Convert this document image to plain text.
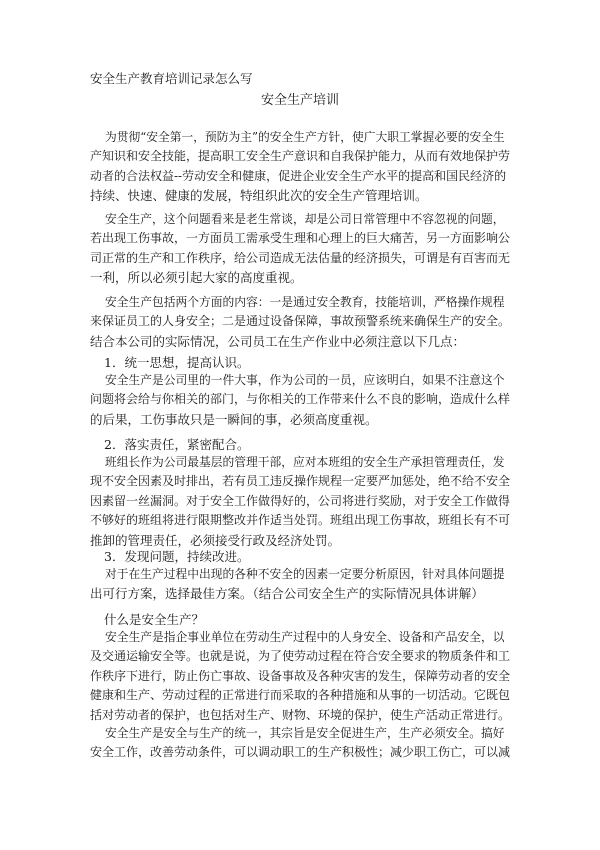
安全生产教育培训记录怎么写
安全生产培训

为贯彻“安全第一，预防为主”的安全生产方针，使广大职工掌握必要的安全生
产知识和安全技能，提高职工安全生产意识和自我保护能力，从而有效地保护劳
动者的合法权益--劳动安全和健康，促进企业安全生产水平的提高和国民经济的
持续、快速、健康的发展，特组织此次的安全生产管理培训。

安全生产，这个问题看来是老生常谈，却是公司日常管理中不容忽视的问题，
若出现工伤事故，一方面员工需承受生理和心理上的巨大痛苦，另一方面影响公
司正常的生产和工作秩序，给公司造成无法估量的经济损失，可谓是有百害而无
一利，所以必须引起大家的高度重视。

安全生产包括两个方面的内容：一是通过安全教育，技能培训，严格操作规程
来保证员工的人身安全；二是通过设备保障，事故预警系统来确保生产的安全。
结合本公司的实际情况，公司员工在生产作业中必须注意以下几点：

1．统一思想，提高认识。

安全生产是公司里的一件大事，作为公司的一员，应该明白，如果不注意这个
问题将会给与你相关的部门，与你相关的工作带来什么不良的影响，造成什么样
的后果，工伤事故只是一瞬间的事，必须高度重视。

2．落实责任，紧密配合。

班组长作为公司最基层的管理干部，应对本班组的安全生产承担管理责任，发
现不安全因素及时排出，若有员工违反操作规程一定要严加惩处，绝不给不安全
因素留一丝漏洞。对于安全工作做得好的，公司将进行奖励，对于安全工作做得
不够好的班组将进行限期整改并作适当处罚。班组出现工伤事故，班组长有不可
推卸的管理责任，必须接受行政及经济处罚。

3．发现问题，持续改进。

对于在生产过程中出现的各种不安全的因素一定要分析原因，针对具体问题提
出可行方案，选择最佳方案。（结合公司安全生产的实际情况具体讲解）

什么是安全生产？

安全生产是指企事业单位在劳动生产过程中的人身安全、设备和产品安全，以
及交通运输安全等。也就是说，为了使劳动过程在符合安全要求的物质条件和工
作秩序下进行，防止伤亡事故、设备事故及各种灾害的发生，保障劳动者的安全
健康和生产、劳动过程的正常进行而采取的各种措施和从事的一切活动。它既包
括对劳动者的保护，也包括对生产、财物、环境的保护，使生产活动正常进行。

安全生产是安全与生产的统一，其宗旨是安全促进生产，生产必须安全。搞好
安全工作，改善劳动条件，可以调动职工的生产积极性；减少职工伤亡，可以减
